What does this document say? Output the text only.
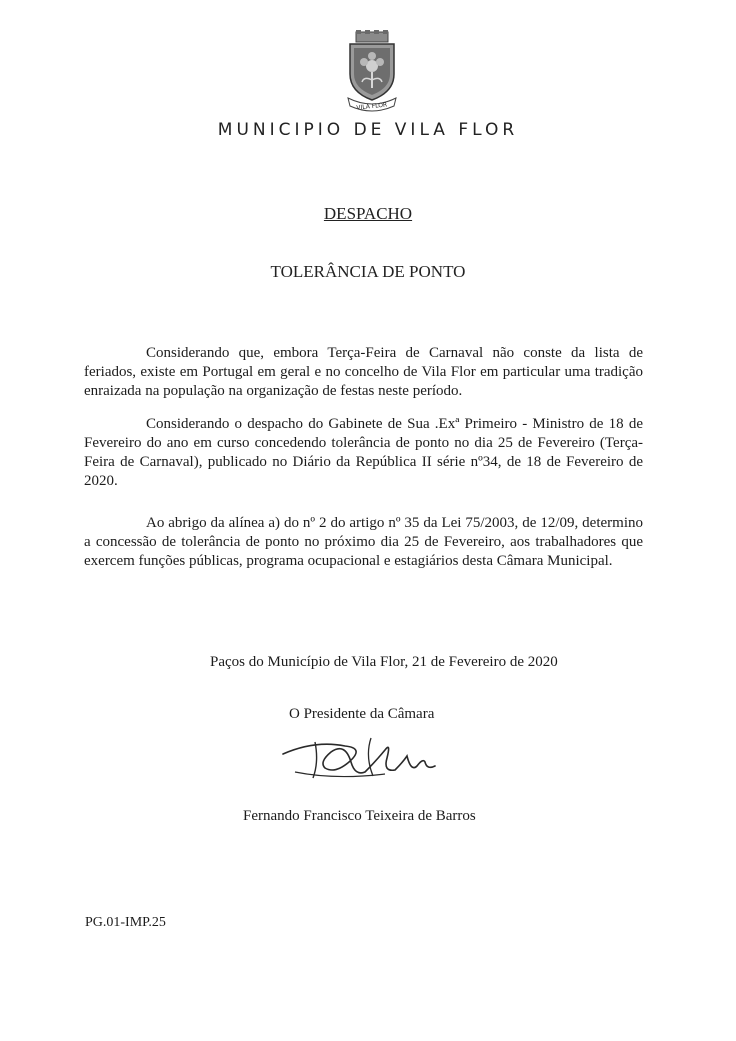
VILA FLOR
MUNICIPIO DE VILA FLOR
DESPACHO
TOLERÂNCIA DE PONTO

Considerando que, embora Terça-Feira de Carnaval não conste da lista de feriados, existe em Portugal em geral e no concelho de Vila Flor em particular uma tradição enraizada na população na organização de festas neste período.

Considerando o despacho do Gabinete de Sua .Exª Primeiro - Ministro de 18 de Fevereiro do ano em curso concedendo tolerância de ponto no dia 25 de Fevereiro (Terça-Feira de Carnaval), publicado no Diário da República II série nº34, de 18 de Fevereiro de 2020.

Ao abrigo da alínea a) do nº 2 do artigo nº 35 da Lei 75/2003, de 12/09, determino a concessão de tolerância de ponto no próximo dia 25 de Fevereiro, aos trabalhadores que exercem funções públicas, programa ocupacional e estagiários desta Câmara Municipal.

Paços do Município de Vila Flor, 21 de Fevereiro de 2020
O Presidente da Câmara
Fernando Francisco Teixeira de Barros
PG.01-IMP.25
